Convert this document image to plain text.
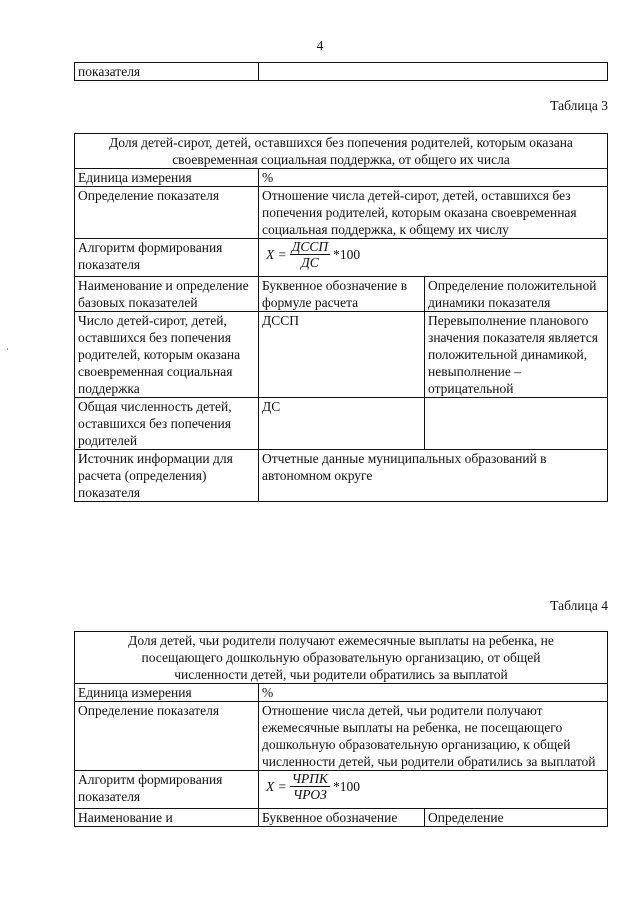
4
показателя	
Таблица 3
Доля детей-сирот, детей, оставшихся без попечения родителей, которым оказана своевременная социальная поддержка, от общего их числа		
Единица измерения	%	
Определение показателя	Отношение числа детей-сирот, детей, оставшихся без попечения родителей, которым оказана своевременная социальная поддержка, к общему их числу	
Алгоритм формирования показателя	$X = \frac{\text{ДССП}}{ДС} *100$	

Наименование и определение базовых показателей	Буквенное обозначение в формуле расчета	Определение положительной динамики показателя
Число детей-сирот, детей, оставшихся без попечения родителей, которым оказана своевременная социальная поддержка	ДССП	Перевыполнение планового значения показателя является положительной динамикой, невыполнение – отрицательной
Общая численность детей, оставшихся без попечения родителей	ДС	
Источник информации для расчета (определения) показателя	Отчетные данные муниципальных образований в автономном округе	
Таблица 4
Доля детей, чьи родители получают ежемесячные выплаты на ребенка, не посещающего дошкольную образовательную организацию, от общей численности детей, чьи родители обратились за выплатой		
Единица измерения	%	
Определение показателя	Отношение числа детей, чьи родители получают ежемесячные выплаты на ребенка, не посещающего дошкольную образовательную организацию, к общей численности детей, чьи родители обратились за выплатой	
Алгоритм формирования показателя	$X = \frac{\text{ЧРПК}}{\text{ЧРОЗ}} *100$	

Наименование и	Буквенное обозначение	Определение
